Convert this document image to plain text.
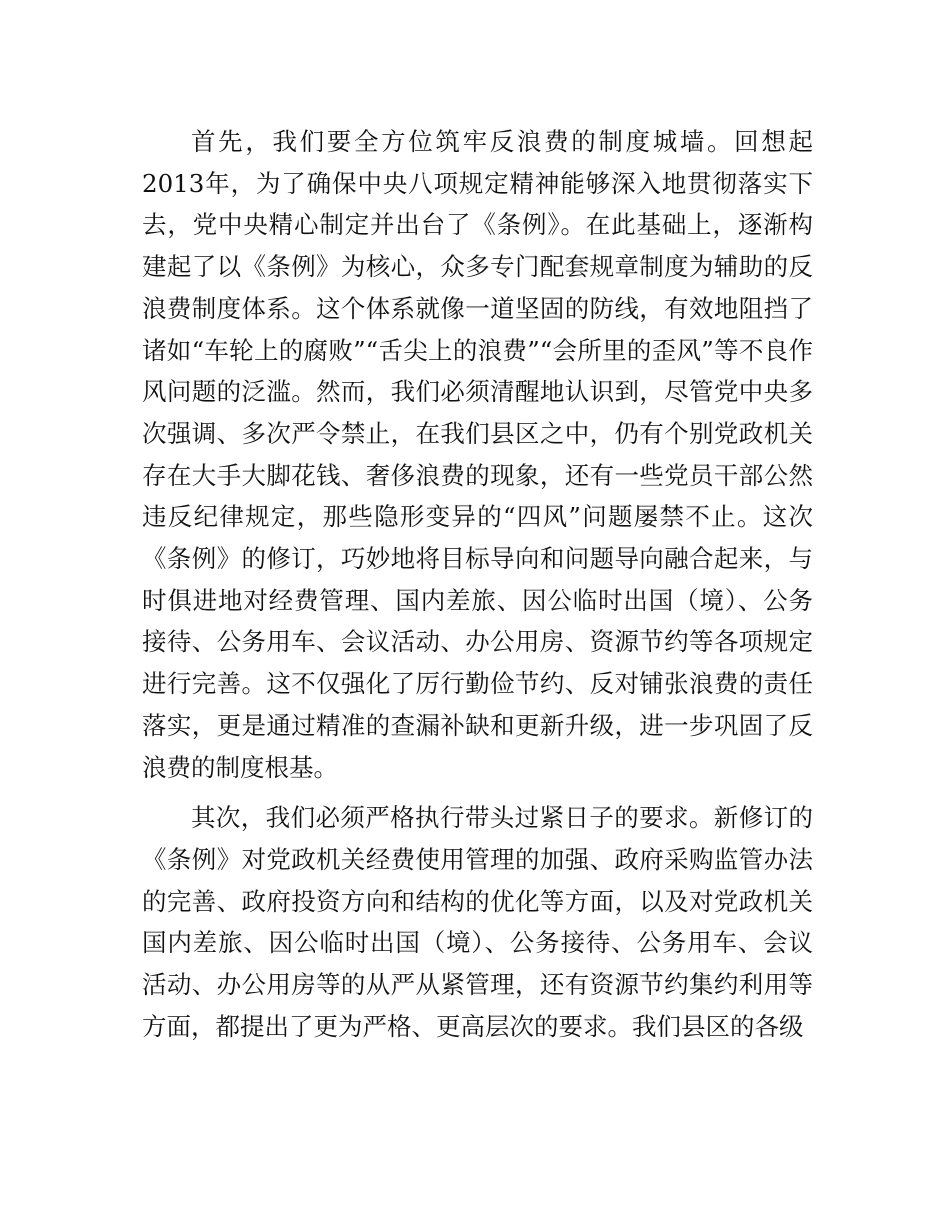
首先，我们要全方位筑牢反浪费的制度城墙。回想起2013年，为了确保中央八项规定精神能够深入地贯彻落实下去，党中央精心制定并出台了《条例》。在此基础上，逐渐构建起了以《条例》为核心，众多专门配套规章制度为辅助的反浪费制度体系。这个体系就像一道坚固的防线，有效地阻挡了诸如“车轮上的腐败”“舌尖上的浪费”“会所里的歪风”等不良作风问题的泛滥。然而，我们必须清醒地认识到，尽管党中央多次强调、多次严令禁止，在我们县区之中，仍有个别党政机关存在大手大脚花钱、奢侈浪费的现象，还有一些党员干部公然违反纪律规定，那些隐形变异的“四风”问题屡禁不止。这次《条例》的修订，巧妙地将目标导向和问题导向融合起来，与时俱进地对经费管理、国内差旅、因公临时出国（境）、公务接待、公务用车、会议活动、办公用房、资源节约等各项规定进行完善。这不仅强化了厉行勤俭节约、反对铺张浪费的责任落实，更是通过精准的查漏补缺和更新升级，进一步巩固了反浪费的制度根基。

其次，我们必须严格执行带头过紧日子的要求。新修订的《条例》对党政机关经费使用管理的加强、政府采购监管办法的完善、政府投资方向和结构的优化等方面，以及对党政机关国内差旅、因公临时出国（境）、公务接待、公务用车、会议活动、办公用房等的从严从紧管理，还有资源节约集约利用等方面，都提出了更为严格、更高层次的要求。我们县区的各级
